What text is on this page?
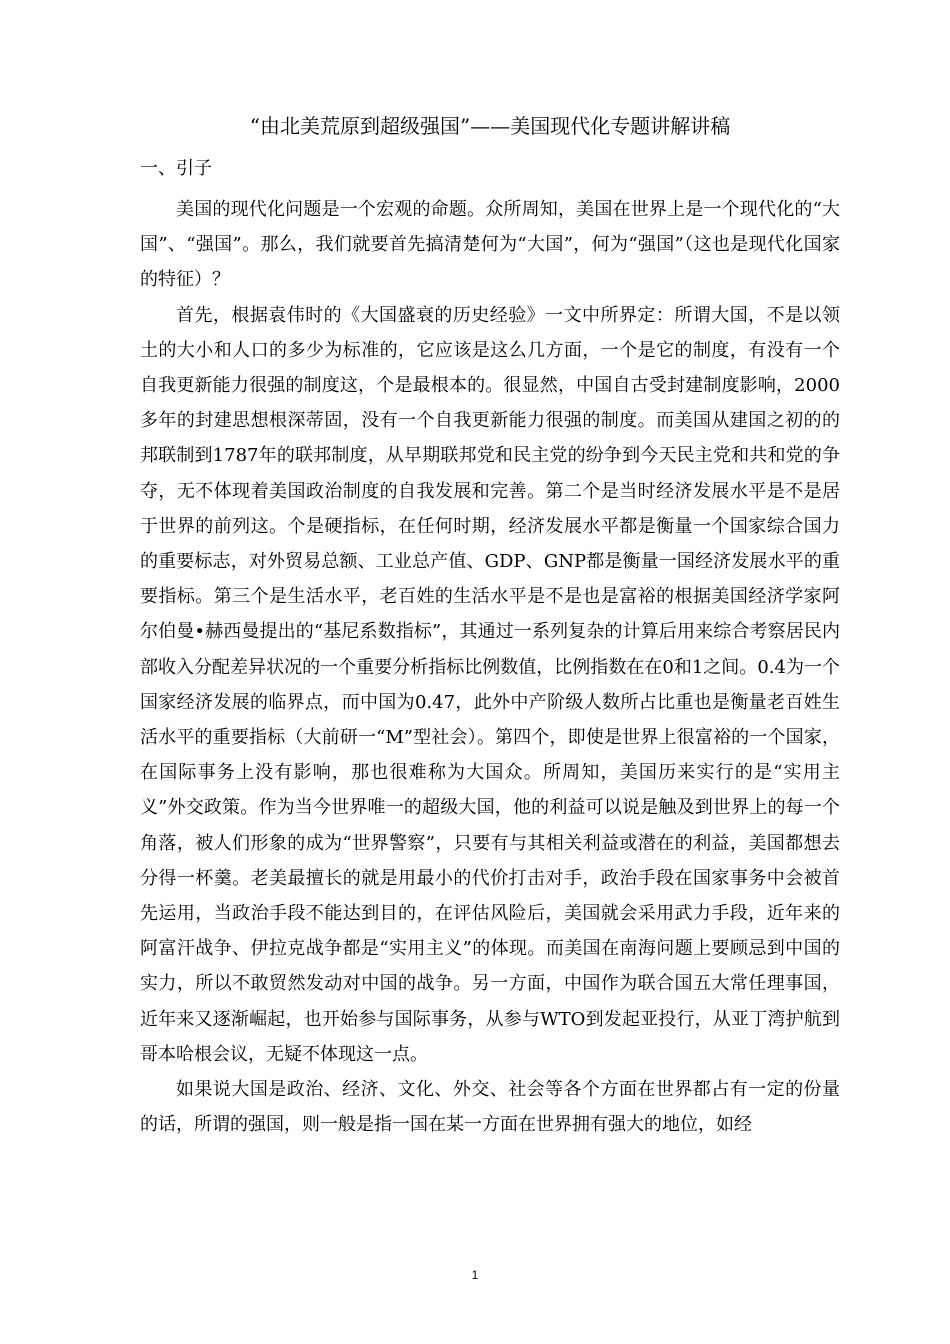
“由北美荒原到超级强国”——美国现代化专题讲解讲稿
一、引子

美国的现代化问题是一个宏观的命题。众所周知，美国在世界上是一个现代化的“大国”、“强国”。那么，我们就要首先搞清楚何为“大国”，何为“强国”（这也是现代化国家的特征）？

首先，根据袁伟时的《大国盛衰的历史经验》一文中所界定：所谓大国，不是以领土的大小和人口的多少为标准的，它应该是这么几方面，一个是它的制度，有没有一个自我更新能力很强的制度这，个是最根本的。很显然，中国自古受封建制度影响，2000多年的封建思想根深蒂固，没有一个自我更新能力很强的制度。而美国从建国之初的的邦联制到1787年的联邦制度，从早期联邦党和民主党的纷争到今天民主党和共和党的争夺，无不体现着美国政治制度的自我发展和完善。第二个是当时经济发展水平是不是居于世界的前列这。个是硬指标，在任何时期，经济发展水平都是衡量一个国家综合国力的重要标志，对外贸易总额、工业总产值、GDP、GNP都是衡量一国经济发展水平的重要指标。第三个是生活水平，老百姓的生活水平是不是也是富裕的根据美国经济学家阿尔伯曼•赫西曼提出的“基尼系数指标”，其通过一系列复杂的计算后用来综合考察居民内部收入分配差异状况的一个重要分析指标比例数值，比例指数在在0和1之间。0.4为一个国家经济发展的临界点，而中国为0.47，此外中产阶级人数所占比重也是衡量老百姓生活水平的重要指标（大前研一“M”型社会）。第四个，即使是世界上很富裕的一个国家，在国际事务上没有影响，那也很难称为大国众。所周知，美国历来实行的是“实用主义”外交政策。作为当今世界唯一的超级大国，他的利益可以说是触及到世界上的每一个角落，被人们形象的成为“世界警察”，只要有与其相关利益或潜在的利益，美国都想去分得一杯羹。老美最擅长的就是用最小的代价打击对手，政治手段在国家事务中会被首先运用，当政治手段不能达到目的，在评估风险后，美国就会采用武力手段，近年来的阿富汗战争、伊拉克战争都是“实用主义”的体现。而美国在南海问题上要顾忌到中国的实力，所以不敢贸然发动对中国的战争。另一方面，中国作为联合国五大常任理事国，近年来又逐渐崛起，也开始参与国际事务，从参与WTO到发起亚投行，从亚丁湾护航到哥本哈根会议，无疑不体现这一点。

如果说大国是政治、经济、文化、外交、社会等各个方面在世界都占有一定的份量的话，所谓的强国，则一般是指一国在某一方面在世界拥有强大的地位，如经

1
